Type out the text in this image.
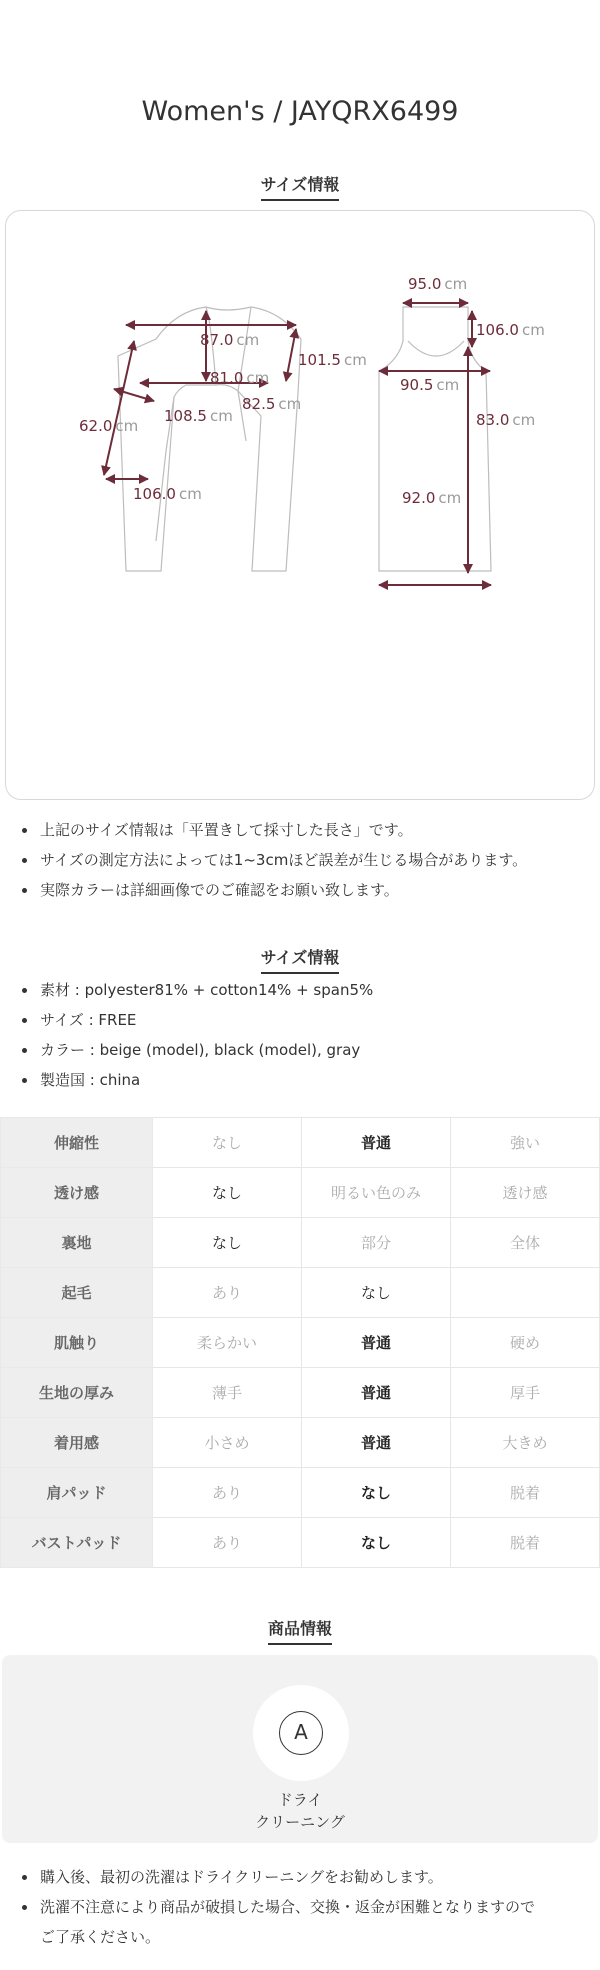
Women's / JAYQRX6499
サイズ情報
87.0 cm
101.5 cm
81.0 cm
82.5 cm
108.5 cm
62.0 cm
106.0 cm
95.0 cm
106.0 cm
90.5 cm
83.0 cm
92.0 cm
上記のサイズ情報は「平置きして採寸した長さ」です。
サイズの測定方法によっては1~3cmほど誤差が生じる場合があります。
実際カラーは詳細画像でのご確認をお願い致します。
サイズ情報
素材 : polyester81% + cotton14% + span5%
サイズ : FREE
カラー : beige (model), black (model), gray
製造国 : china
伸縮性	なし	普通	強い
透け感	なし	明るい色のみ	透け感
裏地	なし	部分	全体
起毛	あり	なし	
肌触り	柔らかい	普通	硬め
生地の厚み	薄手	普通	厚手
着用感	小さめ	普通	大きめ
肩パッド	あり	なし	脱着
バストパッド	あり	なし	脱着
商品情報
A
ドライ
クリーニング
購入後、最初の洗濯はドライクリーニングをお勧めします。
洗濯不注意により商品が破損した場合、交換・返金が困難となりますので
ご了承ください。
